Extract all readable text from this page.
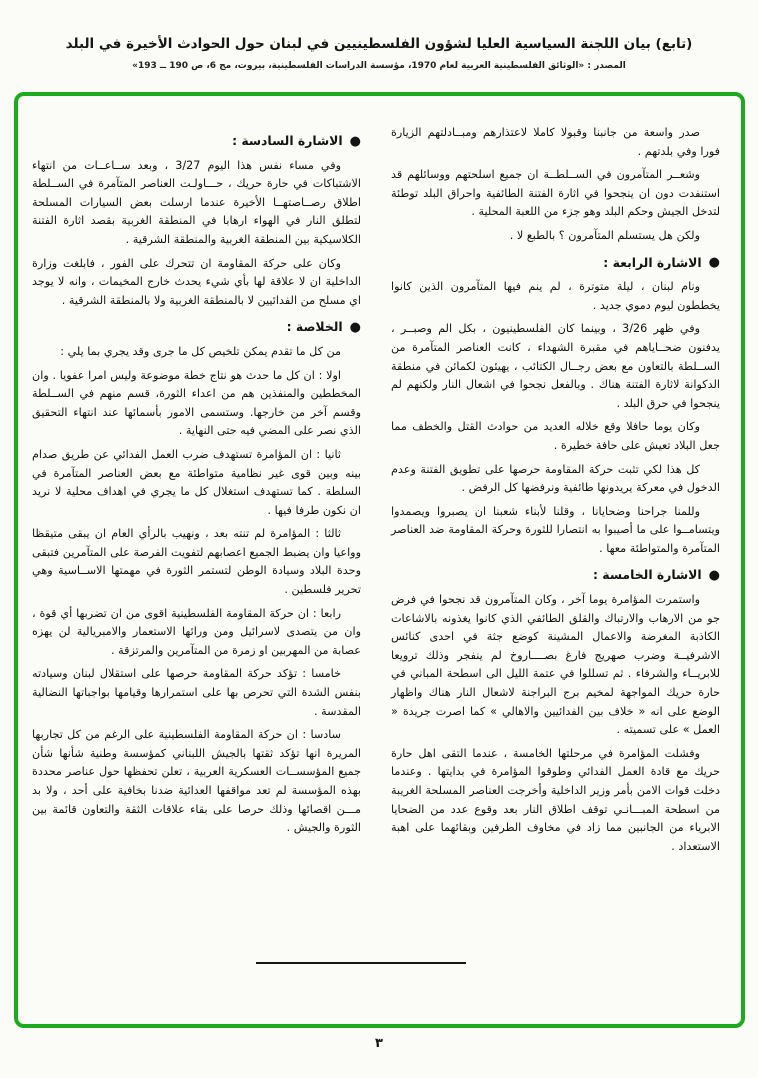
(تابع) بيان اللجنة السياسية العليا لشؤون الفلسطينيين في لبنان حول الحوادث الأخيرة في البلد
المصدر : «الوثائق الفلسطينية العربية لعام 1970، مؤسسة الدراسات الفلسطينية، بيروت، مج 6، ص 190 ــ 193»
صدر واسعة من جانبنا وقبولا كاملا لاعتذارهم ومبــادلتهم الزيارة فورا وفي بلدتهم .
وشعــر المتآمرون في الســلطــة ان جميع اسلحتهم ووسائلهم قد استنفدت دون ان ينجحوا في اثارة الفتنة الطائفية واحراق البلد توطئة لتدخل الجيش وحكم البلد وهو جزء من اللعبة المحلية .
ولكن هل يستسلم المتآمرون ؟ بالطبع لا .
●
الاشارة الرابعة :
ونام لبنان ، ليلة متوترة ، لم ينم فيها المتآمرون الذين كانوا يخططون ليوم دموي جديد .
وفي ظهر 3/26 ، وبينما كان الفلسطينيون ، بكل الم وصبــر ، يدفنون ضحــاياهم في مقبرة الشهداء ، كانت العناصر المتآمرة من الســلطة بالتعاون مع بعض رجــال الكتائب ، يهيئون لكمائن في منطقة الدكوانة لاثارة الفتنة هناك . وبالفعل نجحوا في اشعال النار ولكنهم لم ينجحوا في حرق البلد .
وكان يوما حافلا وقع خلاله العديد من حوادث القتل والخطف مما جعل البلاد تعيش على حافة خطيرة .
كل هذا لكي تثبت حركة المقاومة حرصها على تطويق الفتنة وعدم الدخول في معركة يريدونها طائفية ونرفضها كل الرفض .
وللمنا جراحنا وضحايانا ، وقلنا لأبناء شعبنا ان يصبروا ويصمدوا ويتسامــوا على ما أصيبوا به انتصارا للثورة وحركة المقاومة ضد العناصر المتآمرة والمتواطئة معها .
●
الاشارة الخامسة :
واستمرت المؤامرة يوما آخر ، وكان المتآمرون قد نجحوا في فرض جو من الارهاب والارتباك والقلق الطائفي الذي كانوا يغذونه بالاشاعات الكاذبة المغرضة والاعمال المشينة كوضع جثة في احدى كنائس الاشرفيــة وضرب صهريج فارغ بصــــاروخ لم ينفجر وذلك ترويعا للابريــاء والشرفاء . ثم تسللوا في عتمة الليل الى اسطحة المباني في حارة حريك المواجهة لمخيم برج البراجنة لاشعال النار هناك واظهار الوضع على انه « خلاف بين الفدائيين والاهالي » كما اصرت جريدة « العمل » على تسميته .
وفشلت المؤامرة في مرحلتها الخامسة ، عندما التقى اهل حارة حريك مع قادة العمل الفدائي وطوقوا المؤامرة في بدايتها . وعندما دخلت قوات الامن بأمر وزير الداخلية وأخرجت العناصر المسلحة الغريبة من اسطحة المبـــانـي توقف اطلاق النار بعد وقوع عدد من الضحايا الابرياء من الجانبين مما زاد في مخاوف الطرفين وبقائهما على اهبة الاستعداد .
●
الاشارة السادسة :
وفي مساء نفس هذا اليوم 3/27 ، وبعد ســاعــات من انتهاء الاشتباكات في حارة حريك ، حـــاولـت العناصر المتآمرة في الســلطة اطلاق رصــاصتهــا الأخيرة عندما ارسلت بعض السيارات المسلحة لتطلق النار في الهواء ارهابا في المنطقة الغربية بقصد اثارة الفتنة الكلاسيكية بين المنطقة الغربية والمنطقة الشرقية .
وكان على حركة المقاومة ان تتحرك على الفور ، فابلغت وزارة الداخلية ان لا علاقة لها بأي شيء يحدث خارج المخيمات ، وانه لا يوجد اي مسلح من الفدائيين لا بالمنطقة الغربية ولا بالمنطقة الشرقية .
●
الخلاصة :
من كل ما تقدم يمكن تلخيص كل ما جرى وقد يجري بما يلي :
اولا : ان كل ما حدث هو نتاج خطة موضوعة وليس امرا عفويا . وان المخططين والمنفذين هم من اعداء الثورة، قسم منهم في الســلطة وقسم آخر من خارجها. وستسمى الامور بأسمائها عند انتهاء التحقيق الذي نصر على المضي فيه حتى النهاية .
ثانيا : ان المؤامرة تستهدف ضرب العمل الفدائي عن طريق صدام بينه وبين قوى غير نظامية متواطئة مع بعض العناصر المتآمرة في السلطة . كما تستهدف استغلال كل ما يجري في اهداف محلية لا نريد ان نكون طرفا فيها .
ثالثا : المؤامرة لم تنته بعد ، ونهيب بالرأي العام ان يبقى متيقظا وواعيا وان يضبط الجميع اعصابهم لتفويت الفرصة على المتآمرين فتبقى وحدة البلاد وسيادة الوطن لتستمر الثورة في مهمتها الاســاسية وهي تحرير فلسطين .
رابعا : ان حركة المقاومة الفلسطينية اقوى من ان تضربها أي قوة ، وان من يتصدى لاسرائيل ومن ورائها الاستعمار والامبريالية لن يهزه عصابة من المهربين او زمرة من المتآمرين والمرتزقة .
خامسا : تؤكد حركة المقاومة حرصها على استقلال لبنان وسيادته بنفس الشدة التي تحرص بها على استمرارها وقيامها بواجباتها النضالية المقدسة .
سادسا : ان حركة المقاومة الفلسطينية على الرغم من كل تجاربها المريرة انها تؤكد ثقتها بالجيش اللبناني كمؤسسة وطنية شأنها شأن جميع المؤسســات العسكرية العربية ، تعلن تحفظها حول عناصر محددة بهذه المؤسسة لم تعد مواقفها العدائية ضدنا بخافية على أحد ، ولا بد مـــن اقصائها وذلك حرصا على بقاء علاقات الثقة والتعاون قائمة بين الثورة والجيش .
٣
